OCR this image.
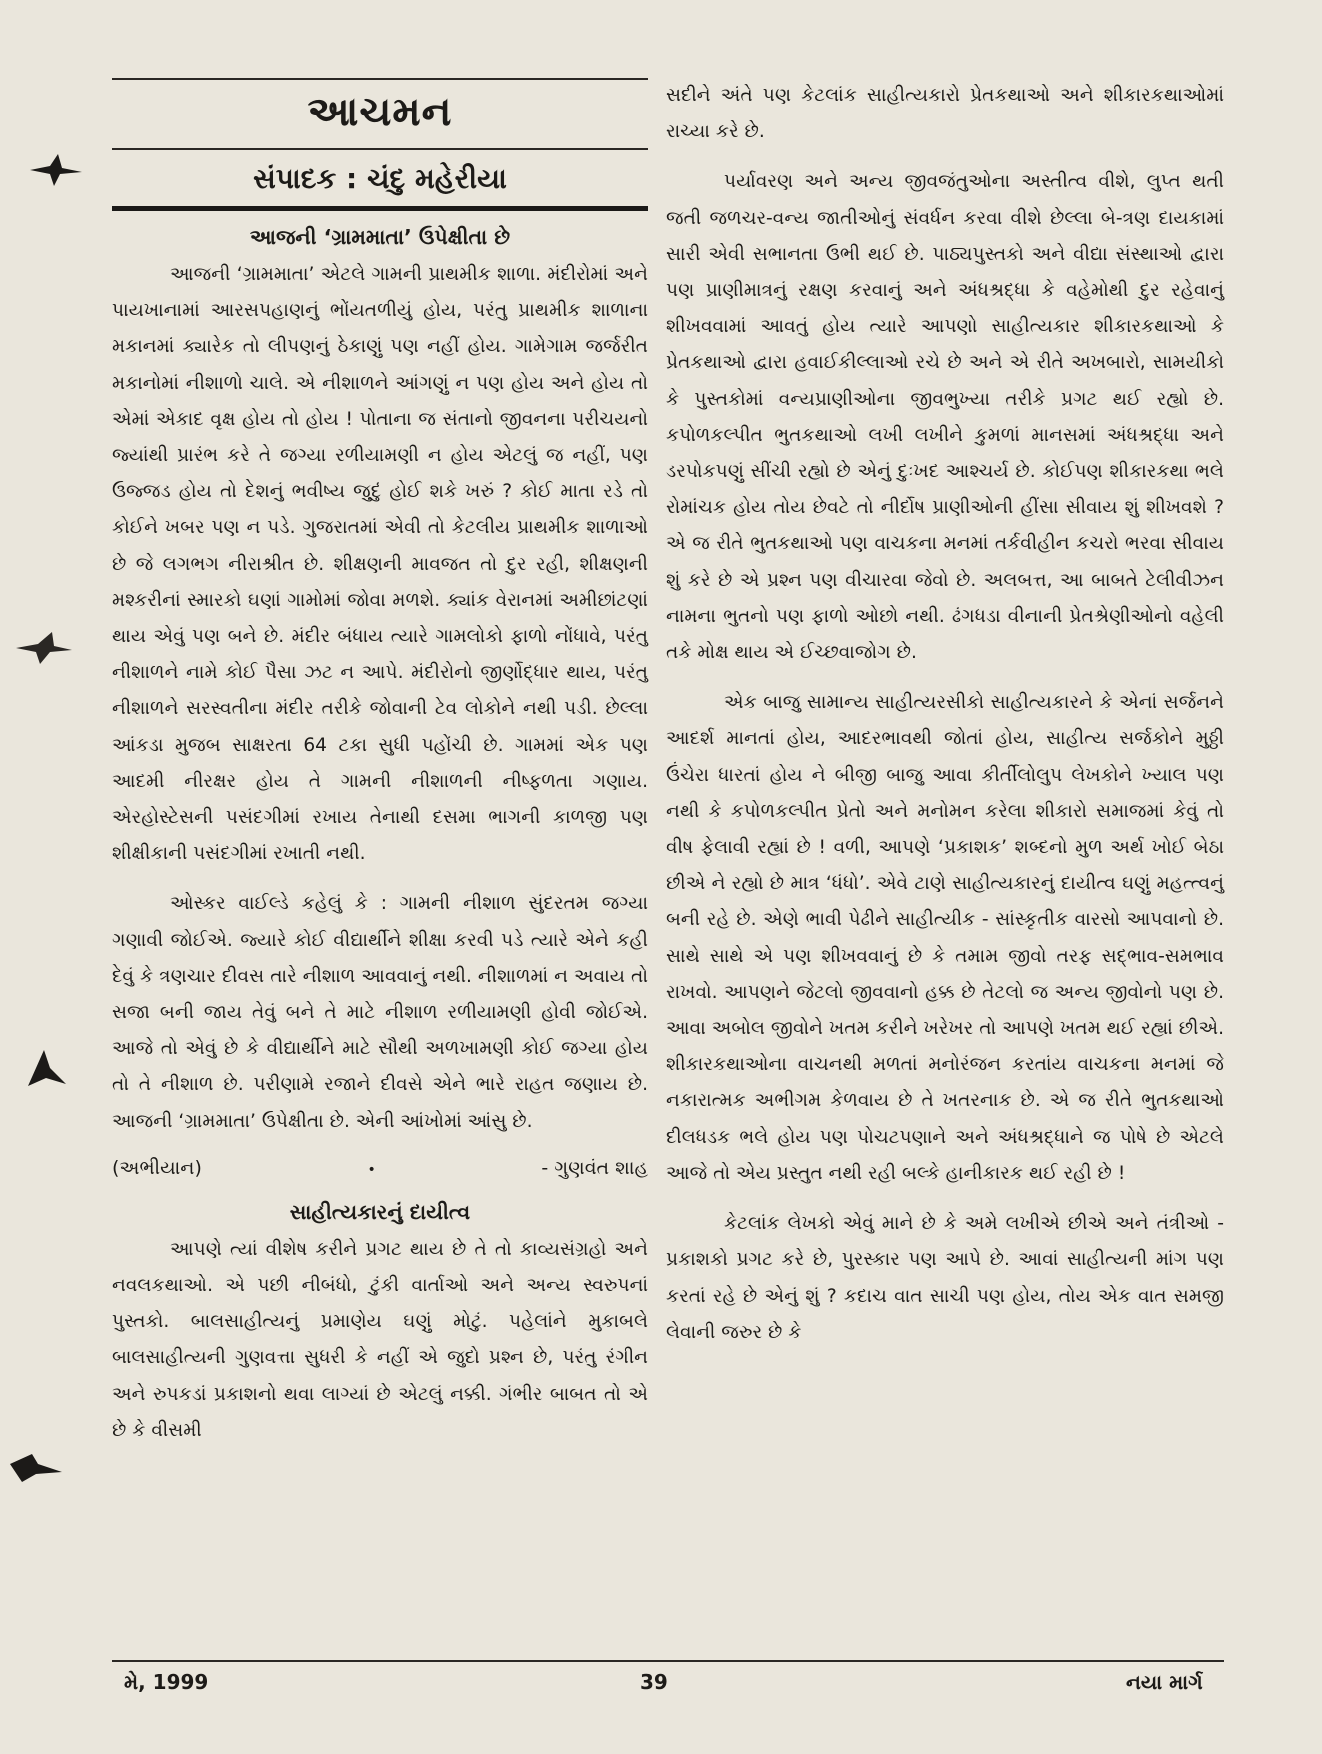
આચમન
સંપાદક : ચંદુ મહેરીયા
આજની ‘ગ્રામમાતા’ ઉપેક્ષીતા છે

આજની ‘ગ્રામમાતા’ એટલે ગામની પ્રાથમીક શાળા. મંદીરોમાં અને પાયખાનામાં આરસપહાણનું ભોંયતળીયું હોય, પરંતુ પ્રાથમીક શાળાના મકાનમાં ક્યારેક તો લીપણનું ઠેકાણું પણ નહીં હોય. ગામેગામ જર્જરીત મકાનોમાં નીશાળો ચાલે. એ નીશાળને આંગણું ન પણ હોય અને હોય તો એમાં એકાદ વૃક્ષ હોય તો હોય ! પોતાના જ સંતાનો જીવનના પરીચયનો જ્યાંથી પ્રારંભ કરે તે જગ્યા રળીયામણી ન હોય એટલું જ નહીં, પણ ઉજ્જડ હોય તો દેશનું ભવીષ્ય જુદું હોઈ શકે ખરું ? કોઈ માતા રડે તો કોઈને ખબર પણ ન પડે. ગુજરાતમાં એવી તો કેટલીય પ્રાથમીક શાળાઓ છે જે લગભગ નીરાશ્રીત છે. શીક્ષણની માવજત તો દુર રહી, શીક્ષણની મશ્કરીનાં સ્મારકો ઘણાં ગામોમાં જોવા મળશે. ક્યાંક વેરાનમાં અમીછાંટણાં થાય એવું પણ બને છે. મંદીર બંધાય ત્યારે ગામલોકો ફાળો નોંધાવે, પરંતુ નીશાળને નામે કોઈ પૈસા ઝટ ન આપે. મંદીરોનો જીર્ણોદ્ધાર થાય, પરંતુ નીશાળને સરસ્વતીના મંદીર તરીકે જોવાની ટેવ લોકોને નથી પડી. છેલ્લા આંકડા મુજબ સાક્ષરતા 64 ટકા સુધી પહોંચી છે. ગામમાં એક પણ આદમી નીરક્ષર હોય તે ગામની નીશાળની નીષ્ફળતા ગણાય. એરહોસ્ટેસની પસંદગીમાં રખાય તેનાથી દસમા ભાગની કાળજી પણ શીક્ષીકાની પસંદગીમાં રખાતી નથી.

ઓસ્કર વાઈલ્ડે કહેલું કે : ગામની નીશાળ સુંદરતમ જગ્યા ગણાવી જોઈએ. જ્યારે કોઈ વીદ્યાર્થીને શીક્ષા કરવી પડે ત્યારે એને કહી દેવું કે ત્રણચાર દીવસ તારે નીશાળ આવવાનું નથી. નીશાળમાં ન અવાય તો સજા બની જાય તેવું બને તે માટે નીશાળ રળીયામણી હોવી જોઈએ. આજે તો એવું છે કે વીદ્યાર્થીને માટે સૌથી અળખામણી કોઈ જગ્યા હોય તો તે નીશાળ છે. પરીણામે રજાને દીવસે એને ભારે રાહત જણાય છે. આજની ‘ગ્રામમાતા’ ઉપેક્ષીતા છે. એની આંખોમાં આંસુ છે.

(અભીયાન)	•	- ગુણવંત શાહ
સાહીત્યકારનું દાયીત્વ

આપણે ત્યાં વીશેષ કરીને પ્રગટ થાય છે તે તો કાવ્યસંગ્રહો અને નવલકથાઓ. એ પછી નીબંધો, ટુંકી વાર્તાઓ અને અન્ય સ્વરુપનાં પુસ્તકો. બાલસાહીત્યનું પ્રમાણેય ઘણું મોટું. પહેલાંને મુકાબલે બાલસાહીત્યની ગુણવત્તા સુધરી કે નહીં એ જુદો પ્રશ્ન છે, પરંતુ રંગીન અને રુપકડાં પ્રકાશનો થવા લાગ્યાં છે એટલું નક્કી. ગંભીર બાબત તો એ છે કે વીસમી

સદીને અંતે પણ કેટલાંક સાહીત્યકારો પ્રેતકથાઓ અને શીકારકથાઓમાં રાચ્યા કરે છે.

પર્યાવરણ અને અન્ય જીવજંતુઓના અસ્તીત્વ વીશે, લુપ્ત થતી જતી જળચર-વન્ય જાતીઓનું સંવર્ધન કરવા વીશે છેલ્લા બે-ત્રણ દાયકામાં સારી એવી સભાનતા ઉભી થઈ છે. પાઠ્યપુસ્તકો અને વીદ્યા સંસ્થાઓ દ્વારા પણ પ્રાણીમાત્રનું રક્ષણ કરવાનું અને અંધશ્રદ્ધા કે વહેમોથી દુર રહેવાનું શીખવવામાં આવતું હોય ત્યારે આપણો સાહીત્યકાર શીકારકથાઓ કે પ્રેતકથાઓ દ્વારા હવાઈકીલ્લાઓ રચે છે અને એ રીતે અખબારો, સામયીકો કે પુસ્તકોમાં વન્યપ્રાણીઓના જીવભુખ્યા તરીકે પ્રગટ થઈ રહ્યો છે. કપોળકલ્પીત ભુતકથાઓ લખી લખીને કુમળાં માનસમાં અંધશ્રદ્ધા અને ડરપોકપણું સીંચી રહ્યો છે એનું દુઃખદ આશ્ચર્ય છે. કોઈપણ શીકારકથા ભલે રોમાંચક હોય તોય છેવટે તો નીર્દોષ પ્રાણીઓની હીંસા સીવાય શું શીખવશે ? એ જ રીતે ભુતકથાઓ પણ વાચકના મનમાં તર્કવીહીન કચરો ભરવા સીવાય શું કરે છે એ પ્રશ્ન પણ વીચારવા જેવો છે. અલબત્ત, આ બાબતે ટેલીવીઝન નામના ભુતનો પણ ફાળો ઓછો નથી. ઢંગધડા વીનાની પ્રેતશ્રેણીઓનો વહેલી તકે મોક્ષ થાય એ ઈચ્છવાજોગ છે.

એક બાજુ સામાન્ય સાહીત્યરસીકો સાહીત્યકારને કે એનાં સર્જનને આદર્શ માનતાં હોય, આદરભાવથી જોતાં હોય, સાહીત્ય સર્જકોને મુઠ્ઠી ઉંચેરા ધારતાં હોય ને બીજી બાજુ આવા કીર્તીલોલુપ લેખકોને ખ્યાલ પણ નથી કે કપોળકલ્પીત પ્રેતો અને મનોમન કરેલા શીકારો સમાજમાં કેવું તો વીષ ફેલાવી રહ્યાં છે ! વળી, આપણે ‘પ્રકાશક’ શબ્દનો મુળ અર્થ ખોઈ બેઠા છીએ ને રહ્યો છે માત્ર ‘ધંધો’. એવે ટાણે સાહીત્યકારનું દાયીત્વ ઘણું મહત્ત્વનું બની રહે છે. એણે ભાવી પેઢીને સાહીત્યીક - સાંસ્કૃતીક વારસો આપવાનો છે. સાથે સાથે એ પણ શીખવવાનું છે કે તમામ જીવો તરફ સદ્ભાવ-સમભાવ રાખવો. આપણને જેટલો જીવવાનો હક્ક છે તેટલો જ અન્ય જીવોનો પણ છે. આવા અબોલ જીવોને ખતમ કરીને ખરેખર તો આપણે ખતમ થઈ રહ્યાં છીએ. શીકારકથાઓના વાચનથી મળતાં મનોરંજન કરતાંય વાચકના મનમાં જે નકારાત્મક અભીગમ કેળવાય છે તે ખતરનાક છે. એ જ રીતે ભુતકથાઓ દીલધડક ભલે હોય પણ પોચટપણાને અને અંધશ્રદ્ધાને જ પોષે છે એટલે આજે તો એય પ્રસ્તુત નથી રહી બલ્કે હાનીકારક થઈ રહી છે !

કેટલાંક લેખકો એવું માને છે કે અમે લખીએ છીએ અને તંત્રીઓ - પ્રકાશકો પ્રગટ કરે છે, પુરસ્કાર પણ આપે છે. આવાં સાહીત્યની માંગ પણ કરતાં રહે છે એનું શું ? કદાચ વાત સાચી પણ હોય, તોય એક વાત સમજી લેવાની જરુર છે કે

મે, 1999	39	નયા માર્ગ
